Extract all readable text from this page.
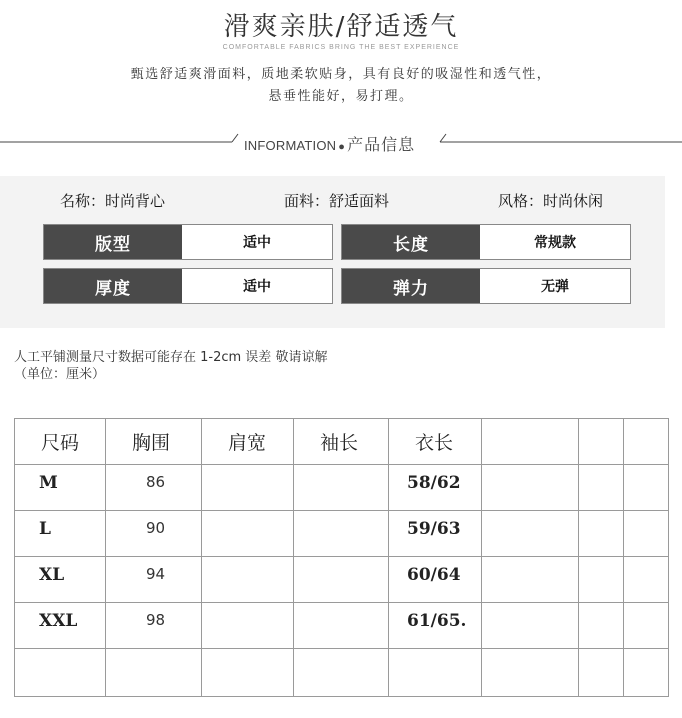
滑爽亲肤/舒适透气
COMFORTABLE FABRICS BRING THE BEST EXPERIENCE
甄选舒适爽滑面料，质地柔软贴身，具有良好的吸湿性和透气性，
悬垂性能好，易打理。
INFORMATION ● 产品信息
名称：时尚背心	面料：舒适面料	风格：时尚休闲
版型	适中	长度	常规款
厚度	适中	弹力	无弹
人工平铺测量尺寸数据可能存在 1-2cm 误差 敬请谅解
（单位：厘米）
尺码	胸围	肩宽	袖长	衣长			
M	86			58/62			
L	90			59/63			
XL	94			60/64			
XXL	98			61/65.			
